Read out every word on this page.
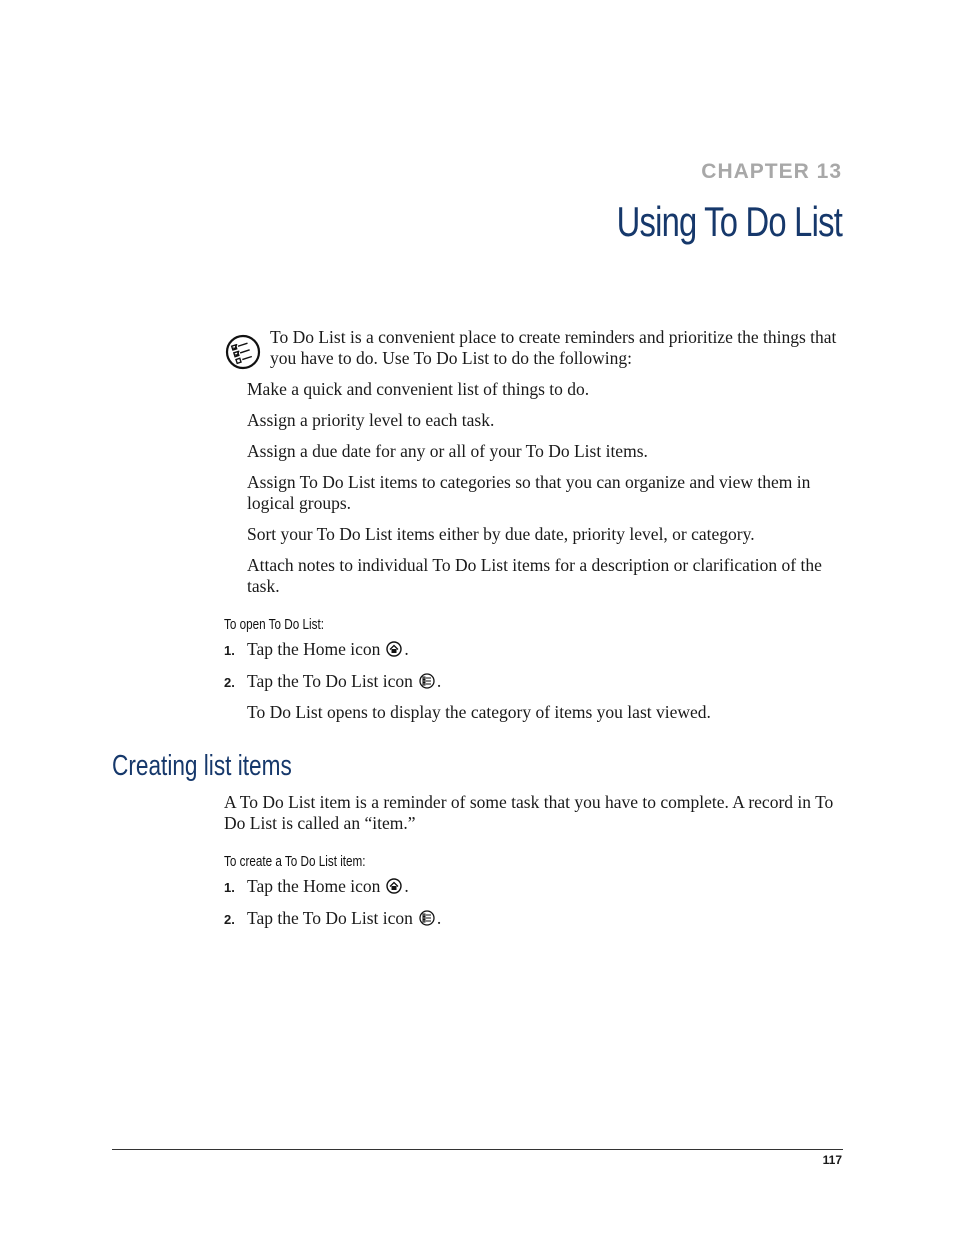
CHAPTER 13
Using To Do List
To Do List is a convenient place to create reminders and prioritize the things that you have to do. Use To Do List to do the following:
Make a quick and convenient list of things to do.
Assign a priority level to each task.
Assign a due date for any or all of your To Do List items.
Assign To Do List items to categories so that you can organize and view them in logical groups.
Sort your To Do List items either by due date, priority level, or category.
Attach notes to individual To Do List items for a description or clarification of the task.
To open To Do List:
1. Tap the Home icon .
2. Tap the To Do List icon .
To Do List opens to display the category of items you last viewed.
Creating list items
A To Do List item is a reminder of some task that you have to complete. A record in To Do List is called an “item.”
To create a To Do List item:
1. Tap the Home icon .
2. Tap the To Do List icon .
117
